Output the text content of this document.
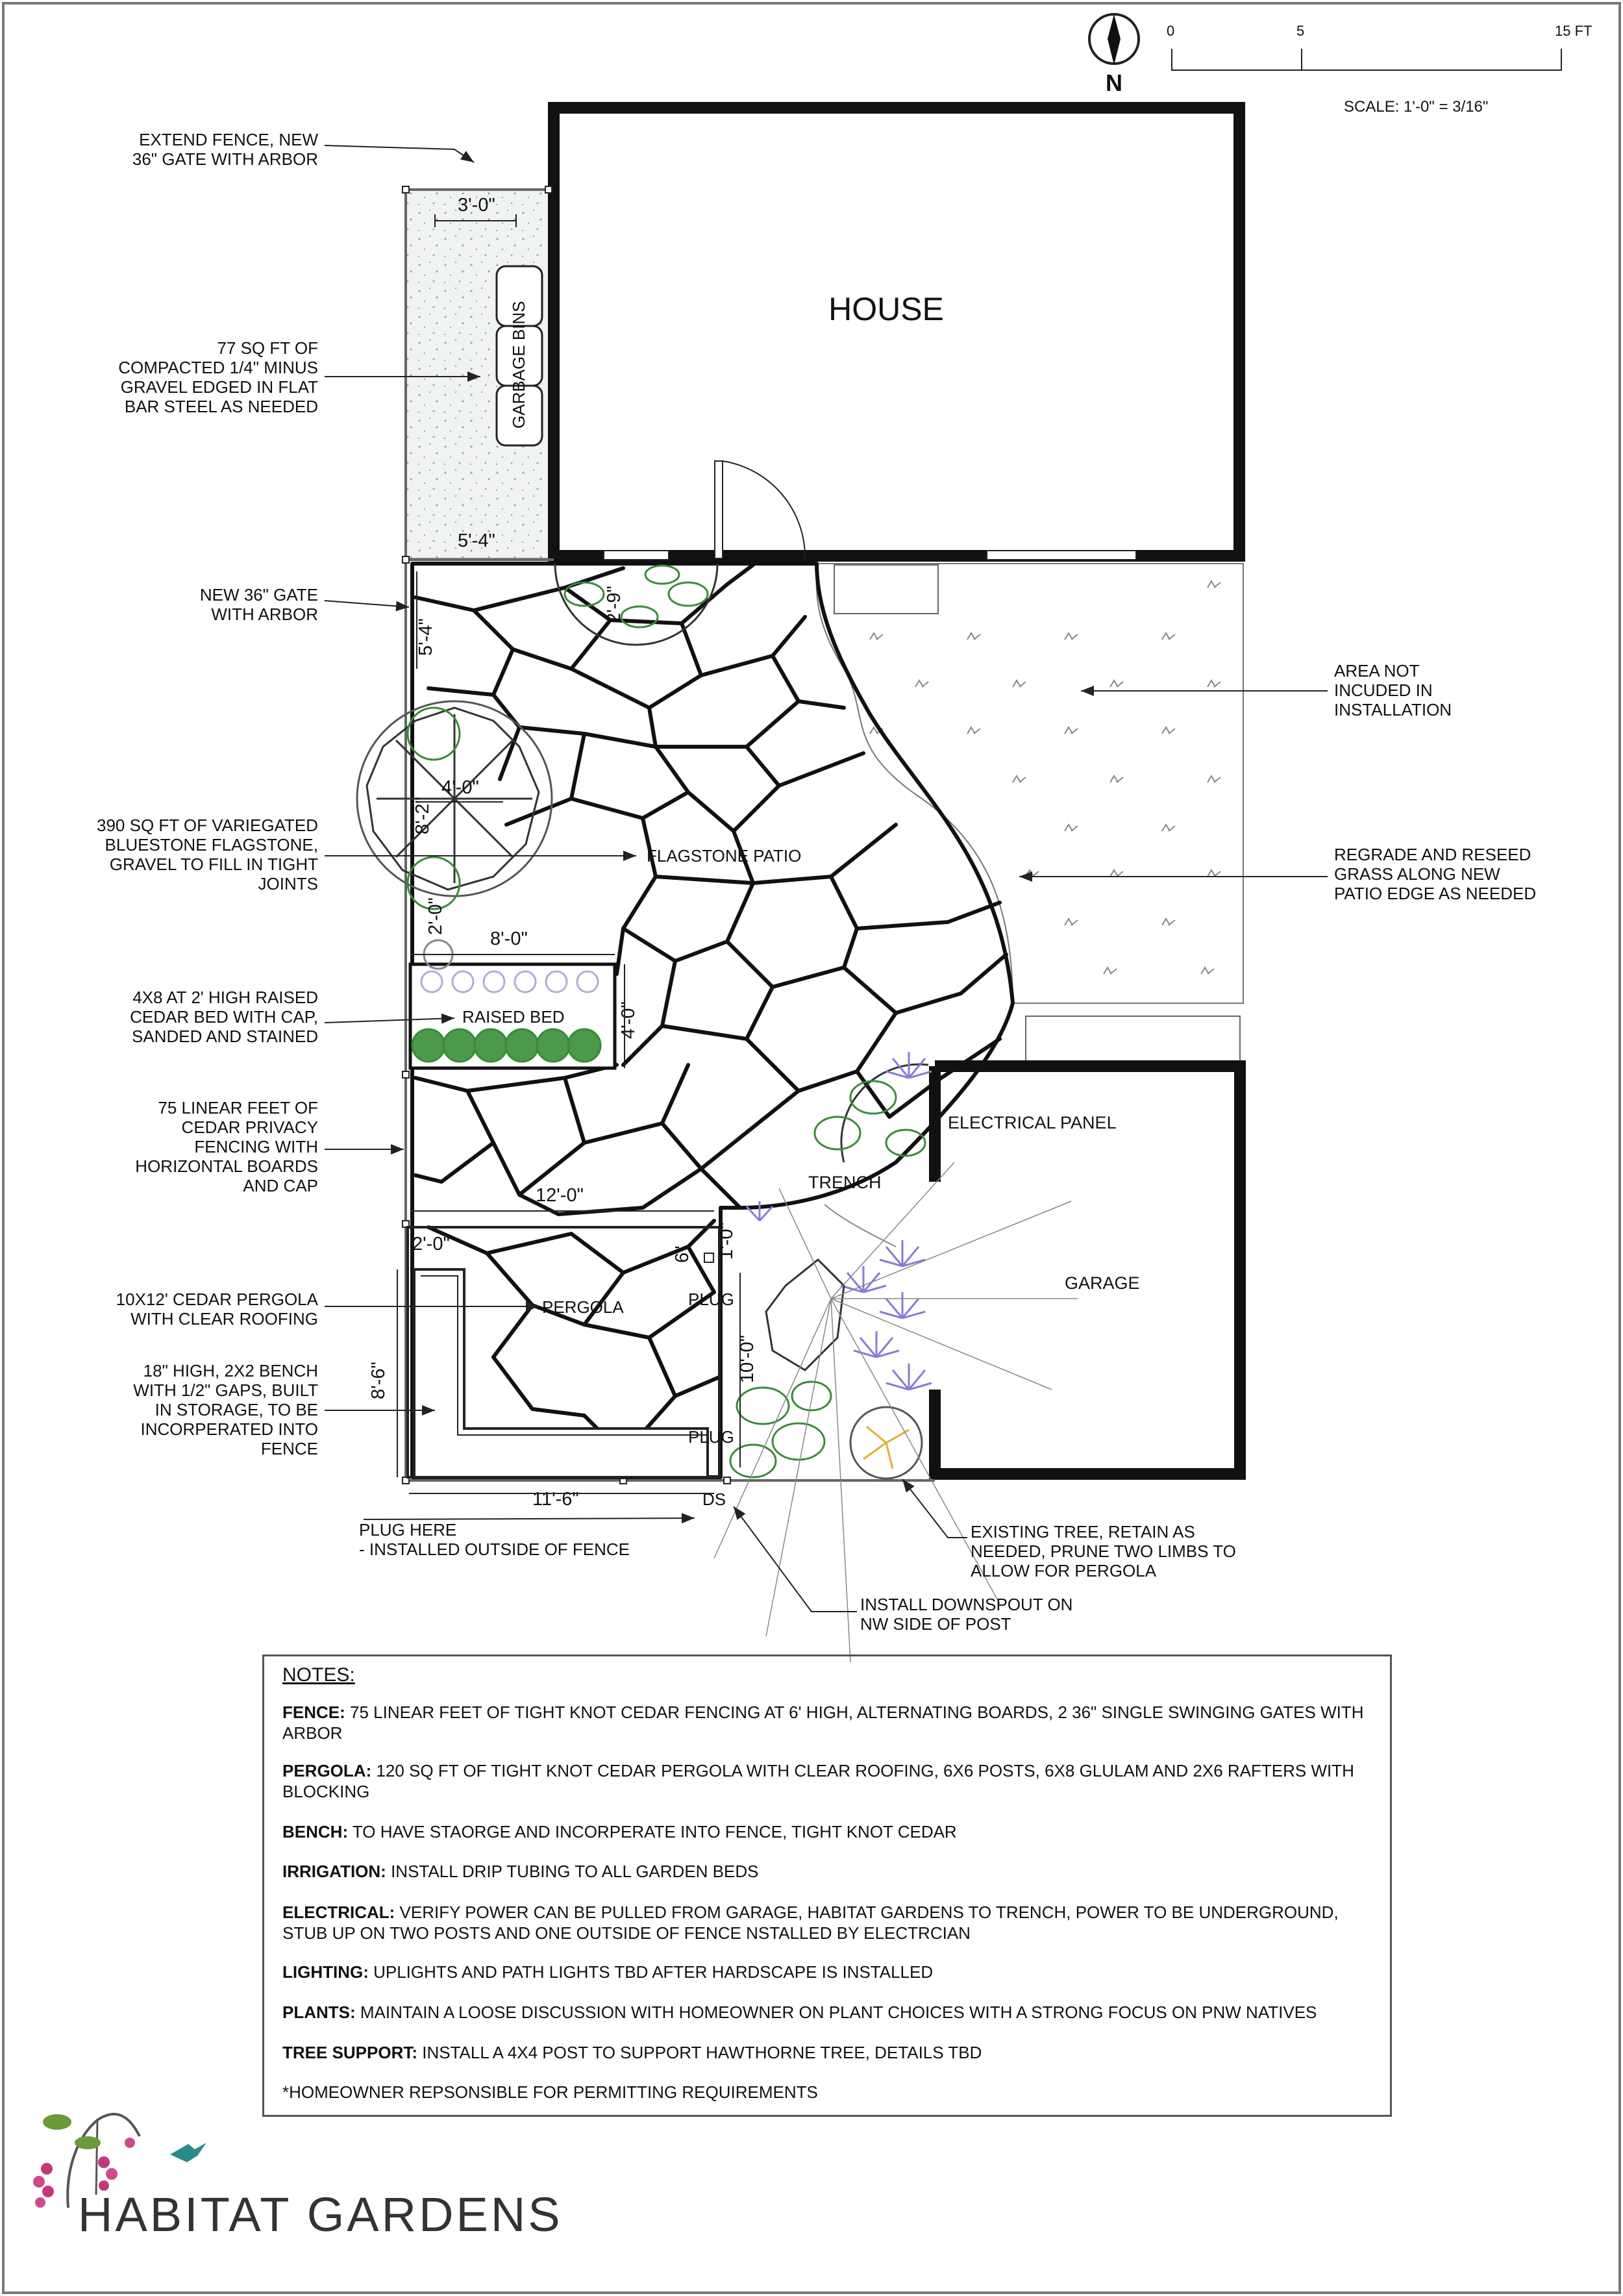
N
0	5	15 FT
SCALE: 1'-0" = 3/16"
GARBAGE BINS	HOUSE
GARAGE
ELECTRICAL PANEL
RAISED BED
PERGOLA	PLUG
PLUG
DS
TRENCH
3'-0"
5'-4"
5'-4"
2'-9"
4'-0"
8'-2"
2'-0"
8'-0"
4'-0"
12'-0"
2'-0"
8'-6"
11'-6"
6" 1'-0"
10'-0"
EXTEND FENCE, NEW
36" GATE WITH ARBOR
77 SQ FT OF
COMPACTED 1/4" MINUS
GRAVEL EDGED IN FLAT
BAR STEEL AS NEEDED
NEW 36" GATE
WITH ARBOR
390 SQ FT OF VARIEGATED
BLUESTONE FLAGSTONE,
GRAVEL TO FILL IN TIGHT
JOINTS
FLAGSTONE PATIO
4X8 AT 2' HIGH RAISED
CEDAR BED WITH CAP,
SANDED AND STAINED
75 LINEAR FEET OF
CEDAR PRIVACY
FENCING WITH
HORIZONTAL BOARDS
AND CAP
10X12' CEDAR PERGOLA
WITH CLEAR ROOFING
18" HIGH, 2X2 BENCH
WITH 1/2" GAPS, BUILT
IN STORAGE, TO BE
INCORPERATED INTO
FENCE
PLUG HERE
- INSTALLED OUTSIDE OF FENCE
AREA NOT
INCUDED IN
INSTALLATION
REGRADE AND RESEED
GRASS ALONG NEW
PATIO EDGE AS NEEDED
EXISTING TREE, RETAIN AS
NEEDED, PRUNE TWO LIMBS TO
ALLOW FOR PERGOLA
INSTALL DOWNSPOUT ON
NW SIDE OF POST
NOTES:

FENCE: 75 LINEAR FEET OF TIGHT KNOT CEDAR FENCING AT 6' HIGH, ALTERNATING BOARDS, 2 36" SINGLE SWINGING GATES WITH ARBOR

PERGOLA: 120 SQ FT OF TIGHT KNOT CEDAR PERGOLA WITH CLEAR ROOFING, 6X6 POSTS, 6X8 GLULAM AND 2X6 RAFTERS WITH BLOCKING

BENCH: TO HAVE STAORGE AND INCORPERATE INTO FENCE, TIGHT KNOT CEDAR

IRRIGATION: INSTALL DRIP TUBING TO ALL GARDEN BEDS

ELECTRICAL: VERIFY POWER CAN BE PULLED FROM GARAGE, HABITAT GARDENS TO TRENCH, POWER TO BE UNDERGROUND, STUB UP ON TWO POSTS AND ONE OUTSIDE OF FENCE NSTALLED BY ELECTRCIAN

LIGHTING: UPLIGHTS AND PATH LIGHTS TBD AFTER HARDSCAPE IS INSTALLED

PLANTS: MAINTAIN A LOOSE DISCUSSION WITH HOMEOWNER ON PLANT CHOICES WITH A STRONG FOCUS ON PNW NATIVES

TREE SUPPORT: INSTALL A 4X4 POST TO SUPPORT HAWTHORNE TREE, DETAILS TBD

*HOMEOWNER REPSONSIBLE FOR PERMITTING REQUIREMENTS

HABITAT GARDENS
